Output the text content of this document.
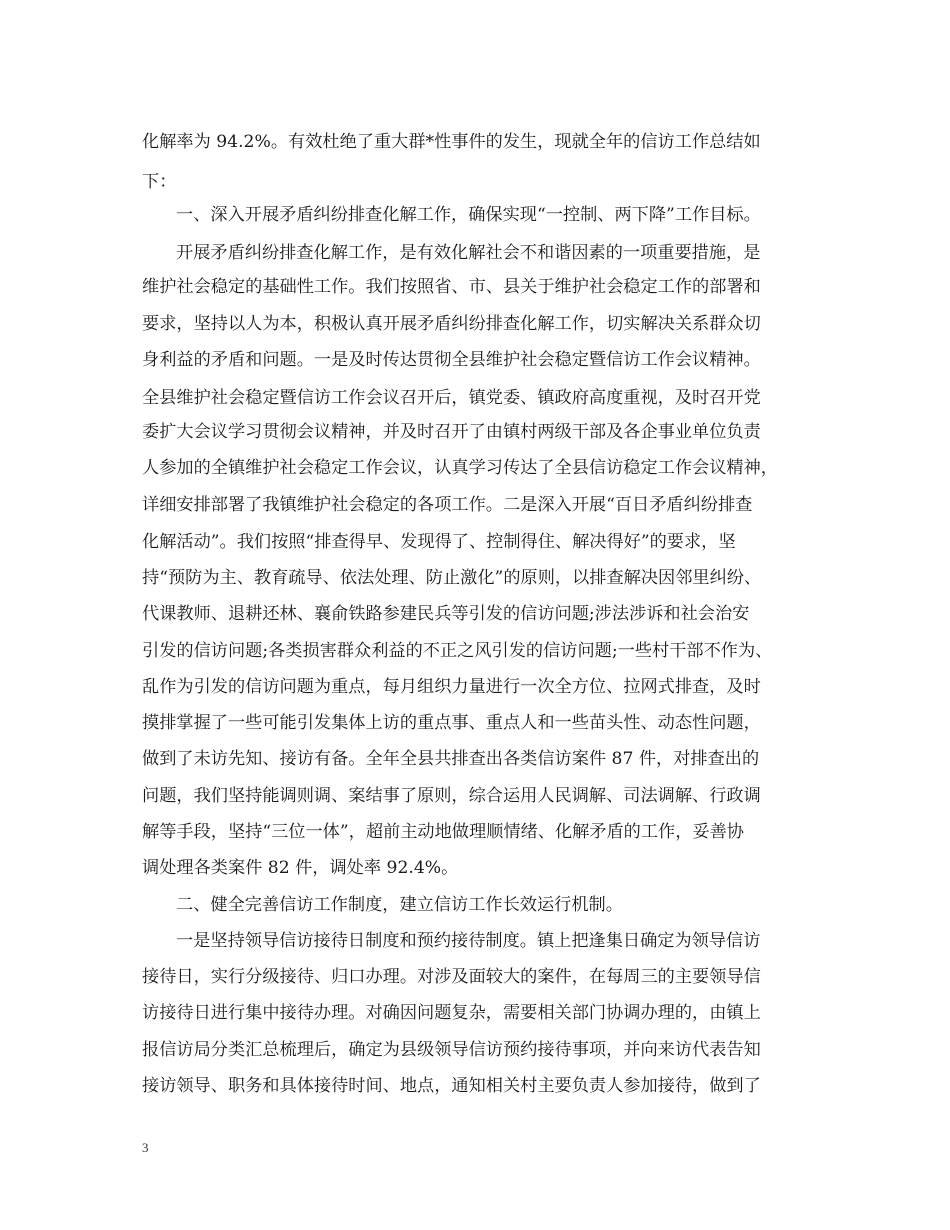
化解率为 94.2%。有效杜绝了重大群*性事件的发生，现就全年的信访工作总结如
下：
一、深入开展矛盾纠纷排查化解工作，确保实现“一控制、两下降”工作目标。
开展矛盾纠纷排查化解工作，是有效化解社会不和谐因素的一项重要措施，是
维护社会稳定的基础性工作。我们按照省、市、县关于维护社会稳定工作的部署和
要求，坚持以人为本，积极认真开展矛盾纠纷排查化解工作，切实解决关系群众切
身利益的矛盾和问题。一是及时传达贯彻全县维护社会稳定暨信访工作会议精神。
全县维护社会稳定暨信访工作会议召开后，镇党委、镇政府高度重视，及时召开党
委扩大会议学习贯彻会议精神，并及时召开了由镇村两级干部及各企事业单位负责
人参加的全镇维护社会稳定工作会议，认真学习传达了全县信访稳定工作会议精神，
详细安排部署了我镇维护社会稳定的各项工作。二是深入开展“百日矛盾纠纷排查
化解活动”。我们按照“排查得早、发现得了、控制得住、解决得好”的要求，坚
持“预防为主、教育疏导、依法处理、防止激化”的原则，以排查解决因邻里纠纷、
代课教师、退耕还林、襄俞铁路参建民兵等引发的信访问题;涉法涉诉和社会治安
引发的信访问题;各类损害群众利益的不正之风引发的信访问题;一些村干部不作为、
乱作为引发的信访问题为重点，每月组织力量进行一次全方位、拉网式排查，及时
摸排掌握了一些可能引发集体上访的重点事、重点人和一些苗头性、动态性问题，
做到了未访先知、接访有备。全年全县共排查出各类信访案件 87 件，对排查出的
问题，我们坚持能调则调、案结事了原则，综合运用人民调解、司法调解、行政调
解等手段，坚持“三位一体”，超前主动地做理顺情绪、化解矛盾的工作，妥善协
调处理各类案件 82 件，调处率 92.4%。
二、健全完善信访工作制度，建立信访工作长效运行机制。
一是坚持领导信访接待日制度和预约接待制度。镇上把逢集日确定为领导信访
接待日，实行分级接待、归口办理。对涉及面较大的案件，在每周三的主要领导信
访接待日进行集中接待办理。对确因问题复杂，需要相关部门协调办理的，由镇上
报信访局分类汇总梳理后，确定为县级领导信访预约接待事项，并向来访代表告知
接访领导、职务和具体接待时间、地点，通知相关村主要负责人参加接待，做到了
3
